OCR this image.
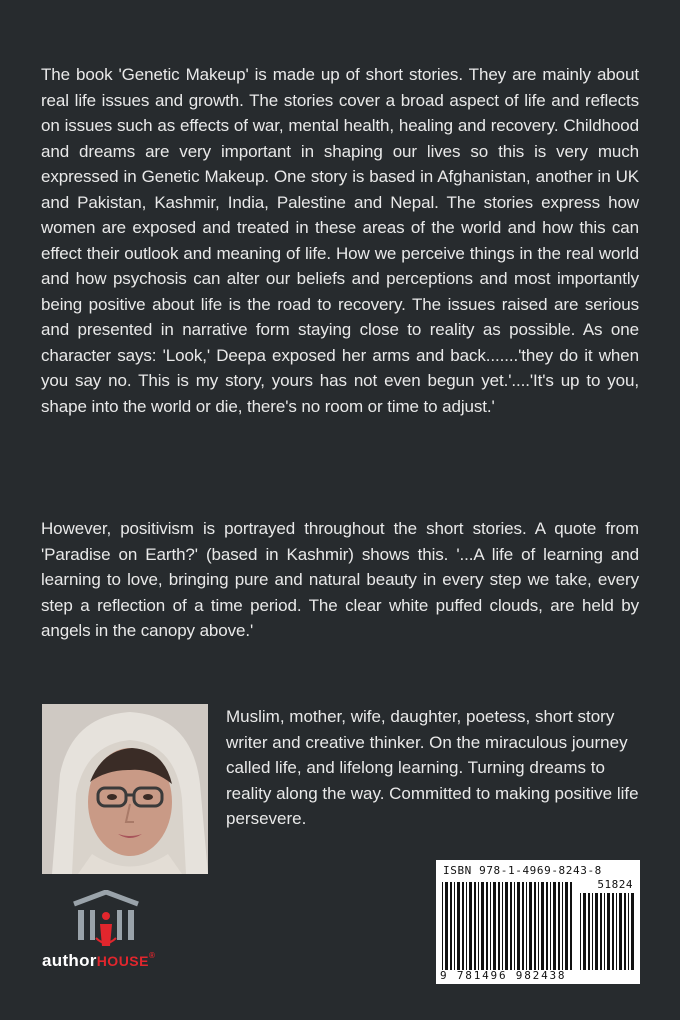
The book 'Genetic Makeup' is made up of short stories. They are mainly about real life issues and growth. The stories cover a broad aspect of life and reflects on issues such as effects of war, mental health, healing and recovery. Childhood and dreams are very important in shaping our lives so this is very much expressed in Genetic Makeup. One story is based in Afghanistan, another in UK and Pakistan, Kashmir, India, Palestine and Nepal. The stories express how women are exposed and treated in these areas of the world and how this can effect their outlook and meaning of life. How we perceive things in the real world and how psychosis can alter our beliefs and perceptions and most importantly being positive about life is the road to recovery. The issues raised are serious and presented in narrative form staying close to reality as possible. As one character says: 'Look,' Deepa exposed her arms and back.......'they do it when you say no. This is my story, yours has not even begun yet.'....'It's up to you, shape into the world or die, there's no room or time to adjust.'

However, positivism is portrayed throughout the short stories. A quote from 'Paradise on Earth?' (based in Kashmir) shows this. '...A life of learning and learning to love, bringing pure and natural beauty in every step we take, every step a reflection of a time period. The clear white puffed clouds, are held by angels in the canopy above.'

Muslim, mother, wife, daughter, poetess, short story writer and creative thinker. On the miraculous journey called life, and lifelong learning. Turning dreams to reality along the way. Committed to making positive life persevere.

authorHOUSE®
ISBN 978-1-4969-8243-8
51824
9 781496 982438
